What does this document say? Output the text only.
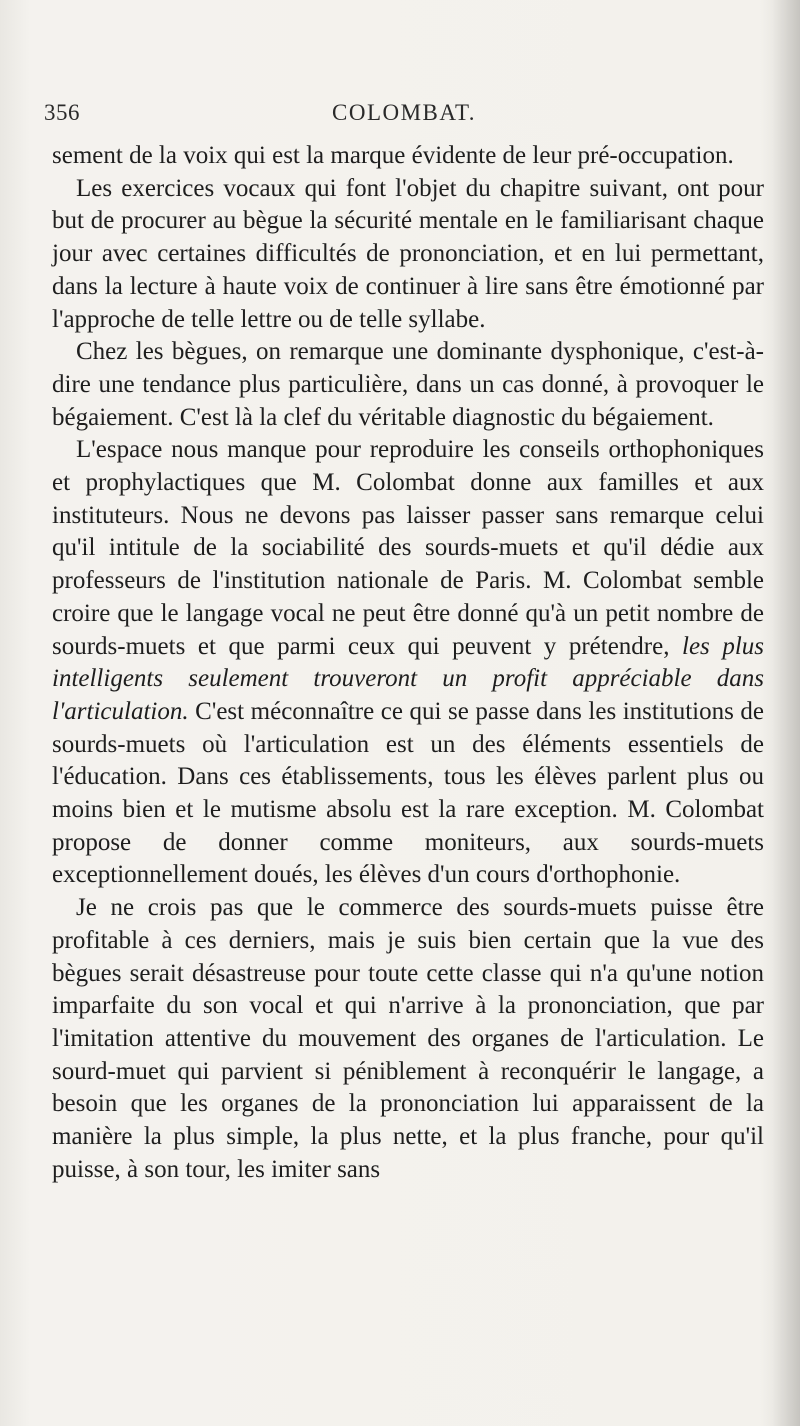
356	COLOMBAT.

sement de la voix qui est la marque évidente de leur pré-occupation.

Les exercices vocaux qui font l'objet du chapitre suivant, ont pour but de procurer au bègue la sécurité mentale en le familiarisant chaque jour avec certaines difficultés de prononciation, et en lui permettant, dans la lecture à haute voix de continuer à lire sans être émotionné par l'approche de telle lettre ou de telle syllabe.

Chez les bègues, on remarque une dominante dysphonique, c'est-à-dire une tendance plus particulière, dans un cas donné, à provoquer le bégaiement. C'est là la clef du véritable diagnostic du bégaiement.

L'espace nous manque pour reproduire les conseils orthophoniques et prophylactiques que M. Colombat donne aux familles et aux instituteurs. Nous ne devons pas laisser passer sans remarque celui qu'il intitule de la sociabilité des sourds-muets et qu'il dédie aux professeurs de l'institution nationale de Paris. M. Colombat semble croire que le langage vocal ne peut être donné qu'à un petit nombre de sourds-muets et que parmi ceux qui peuvent y prétendre, les plus intelligents seulement trouveront un profit appréciable dans l'articulation. C'est méconnaître ce qui se passe dans les institutions de sourds-muets où l'articulation est un des éléments essentiels de l'éducation. Dans ces établissements, tous les élèves parlent plus ou moins bien et le mutisme absolu est la rare exception. M. Colombat propose de donner comme moniteurs, aux sourds-muets exceptionnellement doués, les élèves d'un cours d'orthophonie.

Je ne crois pas que le commerce des sourds-muets puisse être profitable à ces derniers, mais je suis bien certain que la vue des bègues serait désastreuse pour toute cette classe qui n'a qu'une notion imparfaite du son vocal et qui n'arrive à la prononciation, que par l'imitation attentive du mouvement des organes de l'articulation. Le sourd-muet qui parvient si péniblement à reconquérir le langage, a besoin que les organes de la prononciation lui apparaissent de la manière la plus simple, la plus nette, et la plus franche, pour qu'il puisse, à son tour, les imiter sans
